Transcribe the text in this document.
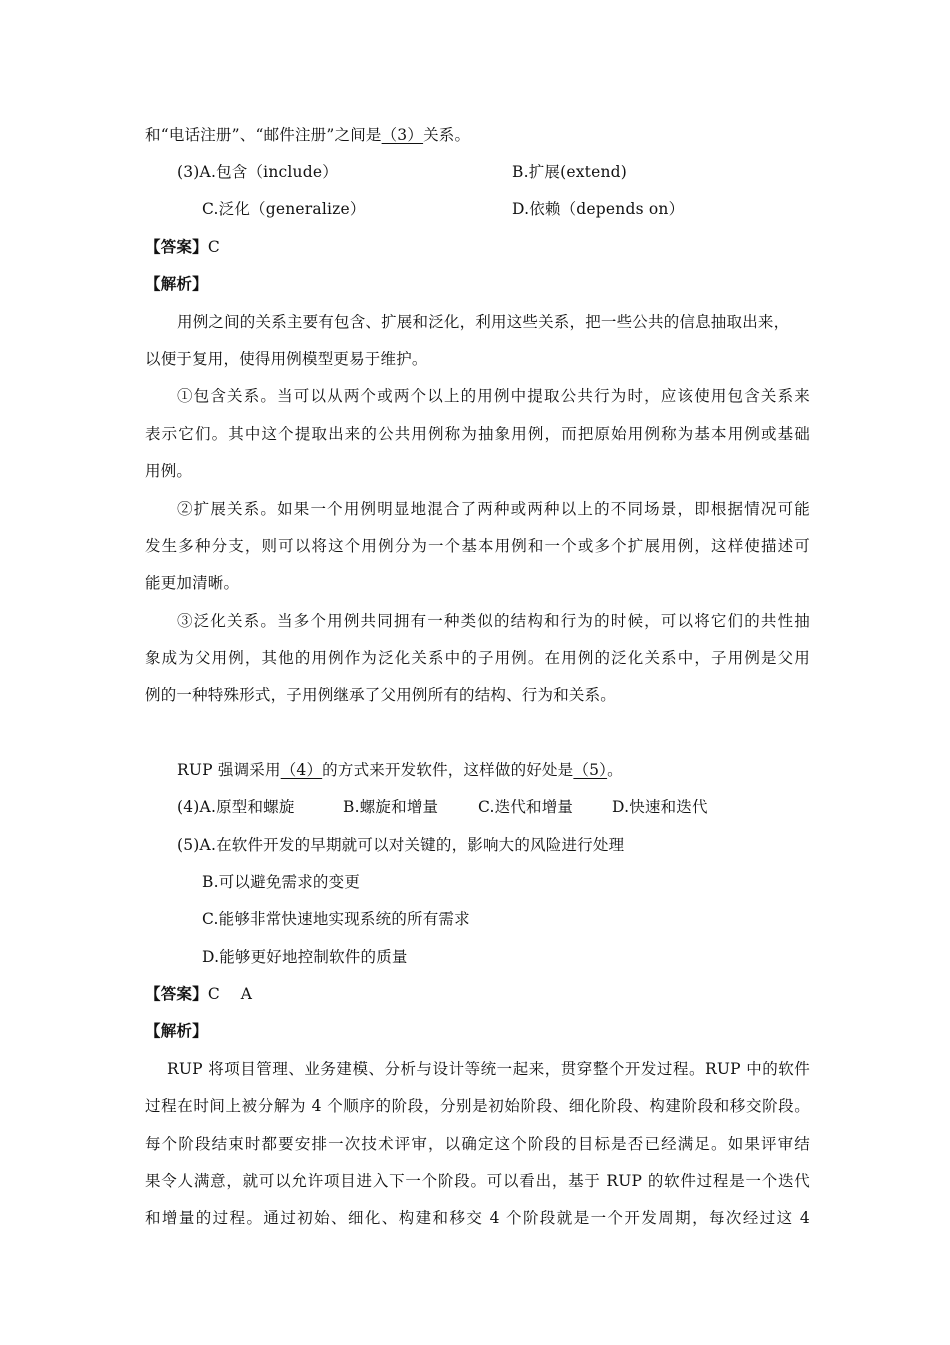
和“电话注册”、“邮件注册”之间是（3）关系。
(3)A.包含（include）	B.扩展(extend)
C.泛化（generalize）	D.依赖（depends on）
【答案】C
【解析】
用例之间的关系主要有包含、扩展和泛化，利用这些关系，把一些公共的信息抽取出来，
以便于复用，使得用例模型更易于维护。
①包含关系。当可以从两个或两个以上的用例中提取公共行为时，应该使用包含关系来
表示它们。其中这个提取出来的公共用例称为抽象用例，而把原始用例称为基本用例或基础
用例。
②扩展关系。如果一个用例明显地混合了两种或两种以上的不同场景，即根据情况可能
发生多种分支，则可以将这个用例分为一个基本用例和一个或多个扩展用例，这样使描述可
能更加清晰。
③泛化关系。当多个用例共同拥有一种类似的结构和行为的时候，可以将它们的共性抽
象成为父用例，其他的用例作为泛化关系中的子用例。在用例的泛化关系中，子用例是父用
例的一种特殊形式，子用例继承了父用例所有的结构、行为和关系。
RUP 强调采用（4）的方式来开发软件，这样做的好处是（5）。
(4)A.原型和螺旋	B.螺旋和增量	C.迭代和增量	D.快速和迭代
(5)A.在软件开发的早期就可以对关键的，影响大的风险进行处理
B.可以避免需求的变更
C.能够非常快速地实现系统的所有需求
D.能够更好地控制软件的质量
【答案】C　 A
【解析】
RUP 将项目管理、业务建模、分析与设计等统一起来，贯穿整个开发过程。RUP 中的软件
过程在时间上被分解为 4 个顺序的阶段，分别是初始阶段、细化阶段、构建阶段和移交阶段。
每个阶段结束时都要安排一次技术评审，以确定这个阶段的目标是否已经满足。如果评审结
果令人满意，就可以允许项目进入下一个阶段。可以看出，基于 RUP 的软件过程是一个迭代
和增量的过程。通过初始、细化、构建和移交 4 个阶段就是一个开发周期，每次经过这 4
